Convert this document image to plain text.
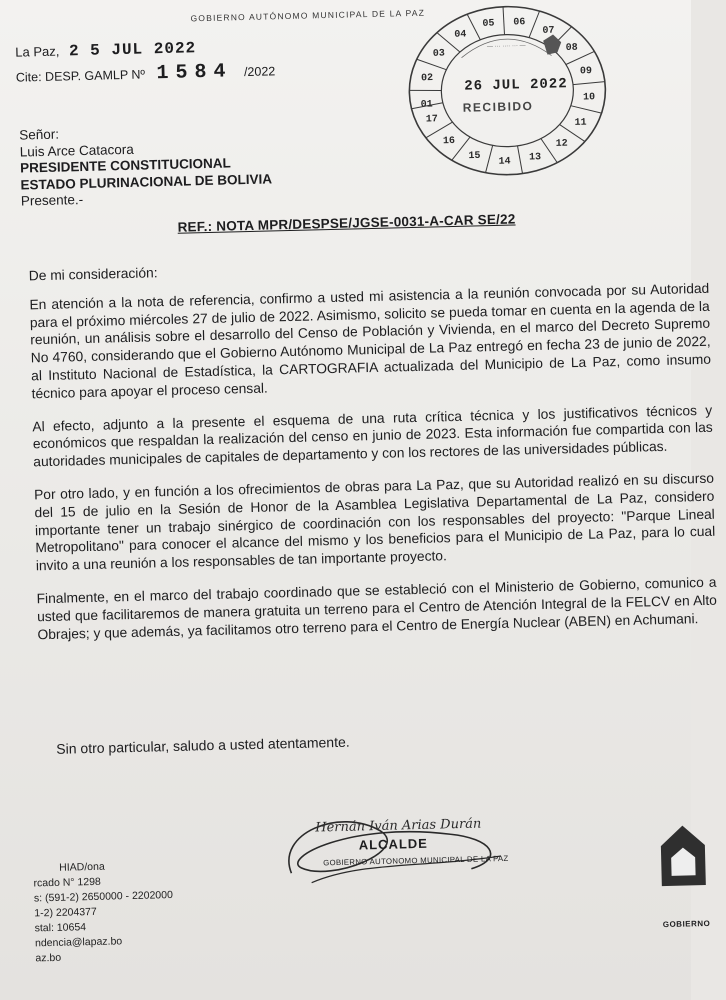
GOBIERNO AUTÓNOMO MUNICIPAL DE LA PAZ
La Paz, 2 5 JUL 2022
Cite: DESP. GAMLP Nº 1584 /2022
01
02
03
04
05 06
07
08
09
10
11
12
13
14
15
16
17
— ··· ···· ··· —
26 JUL 2022
RECIBIDO
Señor:
Luis Arce Catacora
PRESIDENTE CONSTITUCIONAL
ESTADO PLURINACIONAL DE BOLIVIA
Presente.-
REF.: NOTA MPR/DESPSE/JGSE-0031-A-CAR SE/22

De mi consideración:

En atención a la nota de referencia, confirmo a usted mi asistencia a la reunión convocada por su Autoridad para el próximo miércoles 27 de julio de 2022. Asimismo, solicito se pueda tomar en cuenta en la agenda de la reunión, un análisis sobre el desarrollo del Censo de Población y Vivienda, en el marco del Decreto Supremo No 4760, considerando que el Gobierno Autónomo Municipal de La Paz entregó en fecha 23 de junio de 2022, al Instituto Nacional de Estadística, la CARTOGRAFIA actualizada del Municipio de La Paz, como insumo técnico para apoyar el proceso censal.

Al efecto, adjunto a la presente el esquema de una ruta crítica técnica y los justificativos técnicos y económicos que respaldan la realización del censo en junio de 2023. Esta información fue compartida con las autoridades municipales de capitales de departamento y con los rectores de las universidades públicas.

Por otro lado, y en función a los ofrecimientos de obras para La Paz, que su Autoridad realizó en su discurso del 15 de julio en la Sesión de Honor de la Asamblea Legislativa Departamental de La Paz, considero importante tener un trabajo sinérgico de coordinación con los responsables del proyecto: "Parque Lineal Metropolitano" para conocer el alcance del mismo y los beneficios para el Municipio de La Paz, para lo cual invito a una reunión a los responsables de tan importante proyecto.

Finalmente, en el marco del trabajo coordinado que se estableció con el Ministerio de Gobierno, comunico a usted que facilitaremos de manera gratuita un terreno para el Centro de Atención Integral de la FELCV en Alto Obrajes; y que además, ya facilitamos otro terreno para el Centro de Energía Nuclear (ABEN) en Achumani.

Sin otro particular, saludo a usted atentamente.
Hernán Iván Arias Durán
ALCALDE
GOBIERNO AUTONOMO MUNICIPAL DE LA PAZ
HIAD/ona
rcado N° 1298
s: (591-2) 2650000 - 2202000
1-2) 2204377
stal: 10654
ndencia@lapaz.bo
az.bo
GOBIERNO
